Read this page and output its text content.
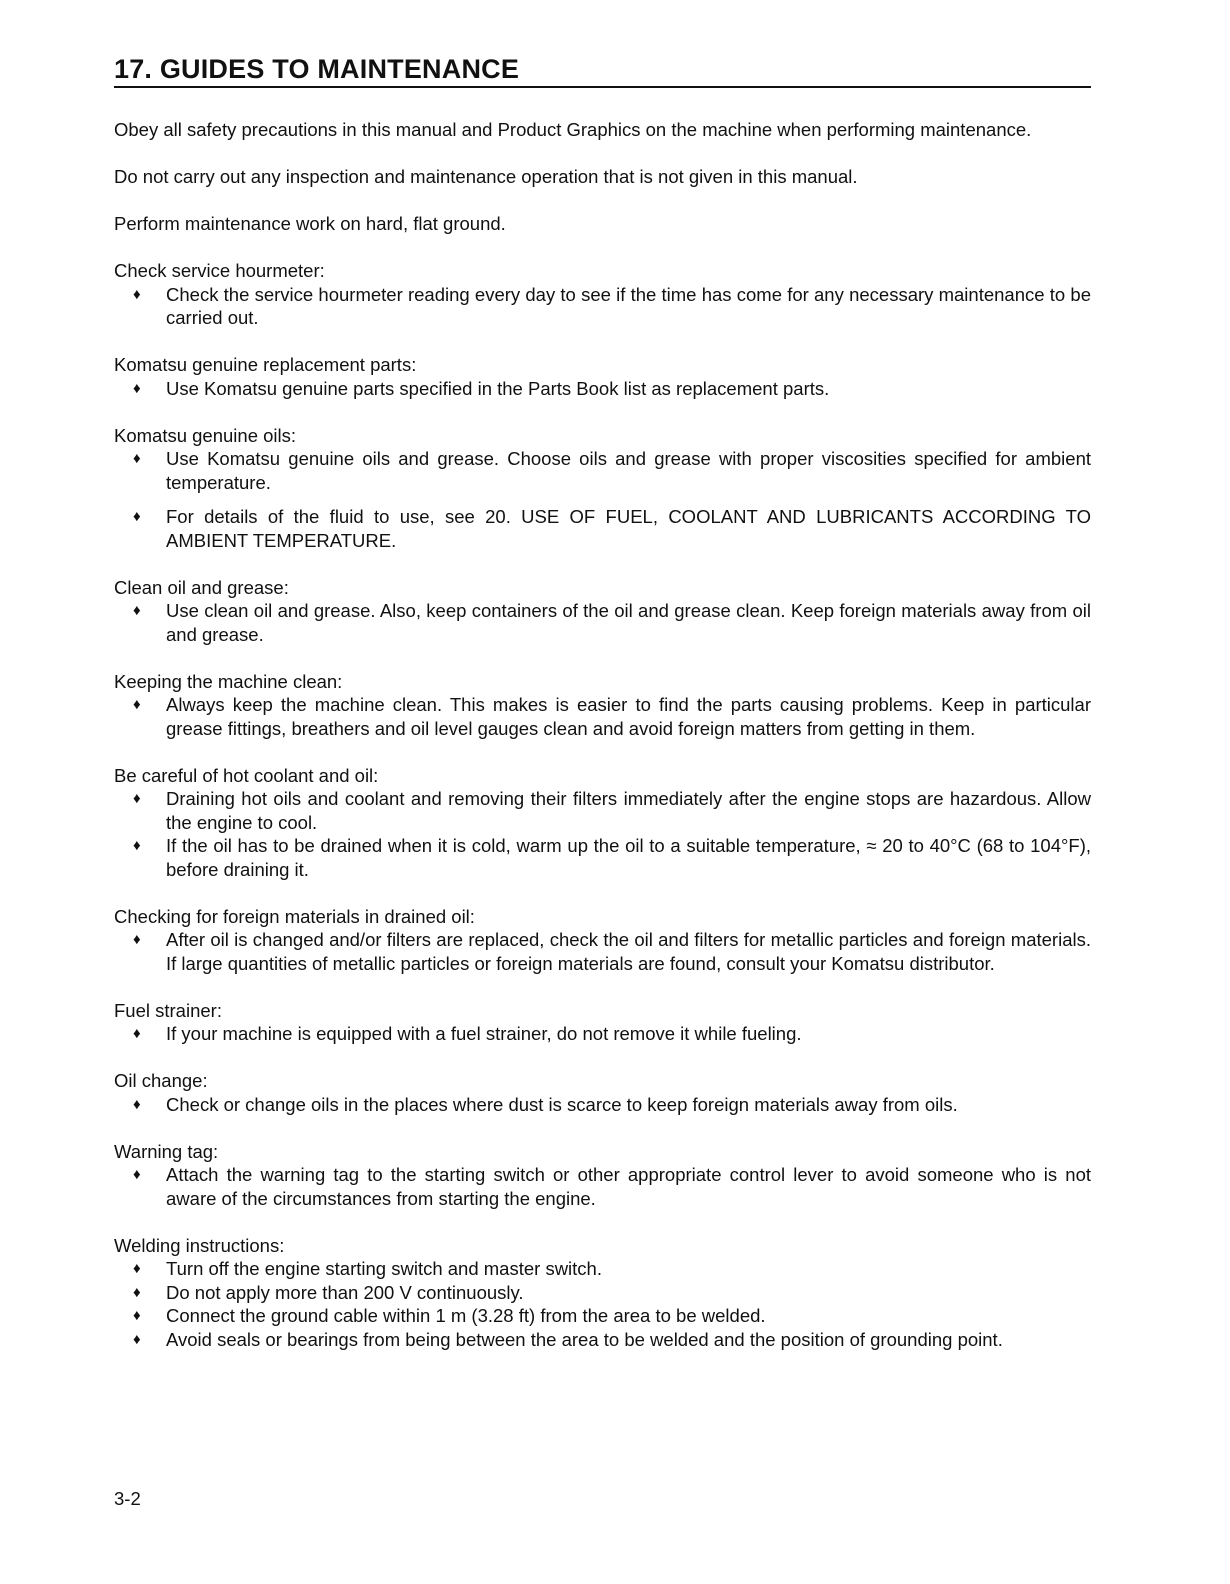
17. GUIDES TO MAINTENANCE

Obey all safety precautions in this manual and Product Graphics on the machine when performing maintenance.

Do not carry out any inspection and maintenance operation that is not given in this manual.

Perform maintenance work on hard, flat ground.

Check service hourmeter:

♦ Check the service hourmeter reading every day to see if the time has come for any necessary maintenance to be carried out.

Komatsu genuine replacement parts:

♦ Use Komatsu genuine parts specified in the Parts Book list as replacement parts.

Komatsu genuine oils:

♦ Use Komatsu genuine oils and grease. Choose oils and grease with proper viscosities specified for ambient temperature.

♦ For details of the fluid to use, see 20. USE OF FUEL, COOLANT AND LUBRICANTS ACCORDING TO AMBIENT TEMPERATURE.

Clean oil and grease:

♦ Use clean oil and grease. Also, keep containers of the oil and grease clean. Keep foreign materials away from oil and grease.

Keeping the machine clean:

♦ Always keep the machine clean. This makes is easier to find the parts causing problems. Keep in particular grease fittings, breathers and oil level gauges clean and avoid foreign matters from getting in them.

Be careful of hot coolant and oil:

♦ Draining hot oils and coolant and removing their filters immediately after the engine stops are hazardous. Allow the engine to cool.

♦ If the oil has to be drained when it is cold, warm up the oil to a suitable temperature, ≈ 20 to 40°C (68 to 104°F), before draining it.

Checking for foreign materials in drained oil:

♦ After oil is changed and/or filters are replaced, check the oil and filters for metallic particles and foreign materials. If large quantities of metallic particles or foreign materials are found, consult your Komatsu distributor.

Fuel strainer:

♦ If your machine is equipped with a fuel strainer, do not remove it while fueling.

Oil change:

♦ Check or change oils in the places where dust is scarce to keep foreign materials away from oils.

Warning tag:

♦ Attach the warning tag to the starting switch or other appropriate control lever to avoid someone who is not aware of the circumstances from starting the engine.

Welding instructions:

♦ Turn off the engine starting switch and master switch.

♦ Do not apply more than 200 V continuously.

♦ Connect the ground cable within 1 m (3.28 ft) from the area to be welded.

♦ Avoid seals or bearings from being between the area to be welded and the position of grounding point.

3-2
